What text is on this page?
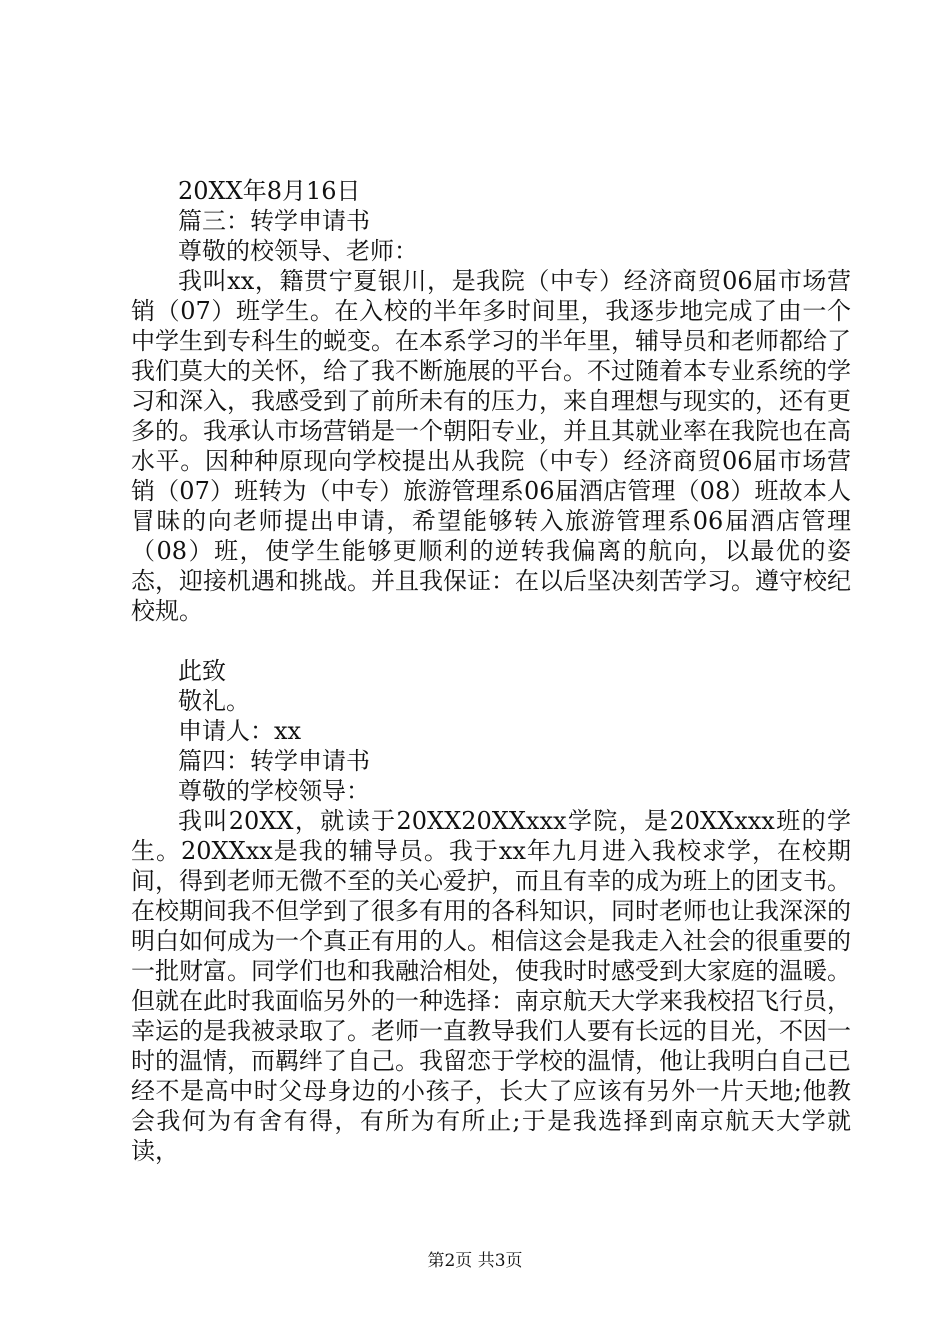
20XX年8月16日

篇三：转学申请书

尊敬的校领导、老师：

我叫xx，籍贯宁夏银川，是我院（中专）经济商贸06届市场营销（07）班学生。在入校的半年多时间里，我逐步地完成了由一个中学生到专科生的蜕变。在本系学习的半年里，辅导员和老师都给了我们莫大的关怀，给了我不断施展的平台。不过随着本专业系统的学习和深入，我感受到了前所未有的压力，来自理想与现实的，还有更多的。我承认市场营销是一个朝阳专业，并且其就业率在我院也在高水平。因种种原现向学校提出从我院（中专）经济商贸06届市场营销（07）班转为（中专）旅游管理系06届酒店管理（08）班故本人冒昧的向老师提出申请，希望能够转入旅游管理系06届酒店管理（08）班，使学生能够更顺利的逆转我偏离的航向，以最优的姿态，迎接机遇和挑战。并且我保证：在以后坚决刻苦学习。遵守校纪校规。

此致

敬礼。

申请人：xx

篇四：转学申请书

尊敬的学校领导：

我叫20XX，就读于20XX20XXxxx学院，是20XXxxx班的学生。20XXxx是我的辅导员。我于xx年九月进入我校求学，在校期间，得到老师无微不至的关心爱护，而且有幸的成为班上的团支书。在校期间我不但学到了很多有用的各科知识，同时老师也让我深深的明白如何成为一个真正有用的人。相信这会是我走入社会的很重要的一批财富。同学们也和我融洽相处，使我时时感受到大家庭的温暖。但就在此时我面临另外的一种选择：南京航天大学来我校招飞行员，幸运的是我被录取了。老师一直教导我们人要有长远的目光，不因一时的温情，而羁绊了自己。我留恋于学校的温情，他让我明白自己已经不是高中时父母身边的小孩子，长大了应该有另外一片天地;他教会我何为有舍有得，有所为有所止;于是我选择到南京航天大学就读，

第2页 共3页
